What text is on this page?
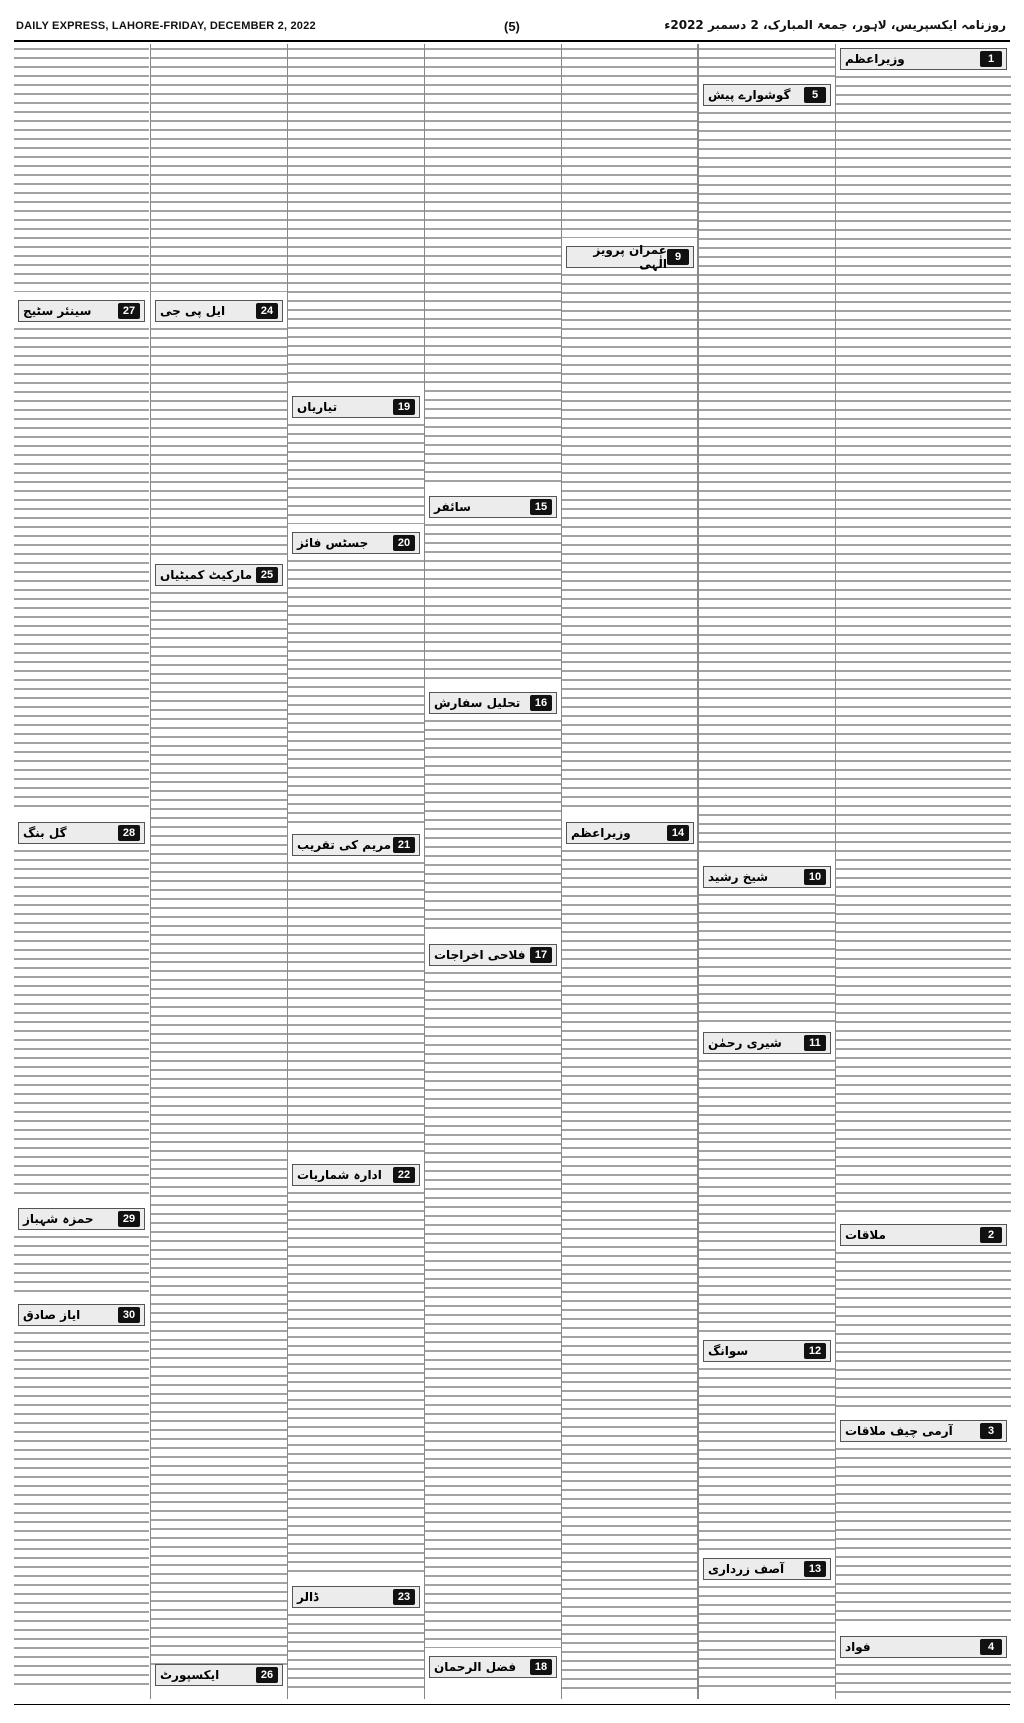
DAILY EXPRESS, LAHORE-FRIDAY, DECEMBER 2, 2022	(5)	روزنامہ ایکسپریس، لاہور، جمعۃ المبارک، 2 دسمبر 2022ء
27
سینئر سٹیج
28
گل بنگ
29
حمزہ شہباز
30
ایاز صادق
24
ایل پی جی
25
مارکیٹ کمیٹیاں
26
ایکسپورٹ
19
تیاریاں
20
جسٹس فائز
21
مریم کی تقریب
22
ادارہ شماریات
23
ڈالر
15
سائفر
16
تحلیل سفارش
17
فلاحی اخراجات
18
فضل الرحمان
9
عمران پرویز الٰہی
14
وزیراعظم
5
گوشوارے پیش
10
شیخ رشید
11
شیری رحمٰن
12
سوانگ
13
آصف زرداری
1
وزیراعظم
2
ملاقات
3
آرمی چیف ملاقات
4
فواد
